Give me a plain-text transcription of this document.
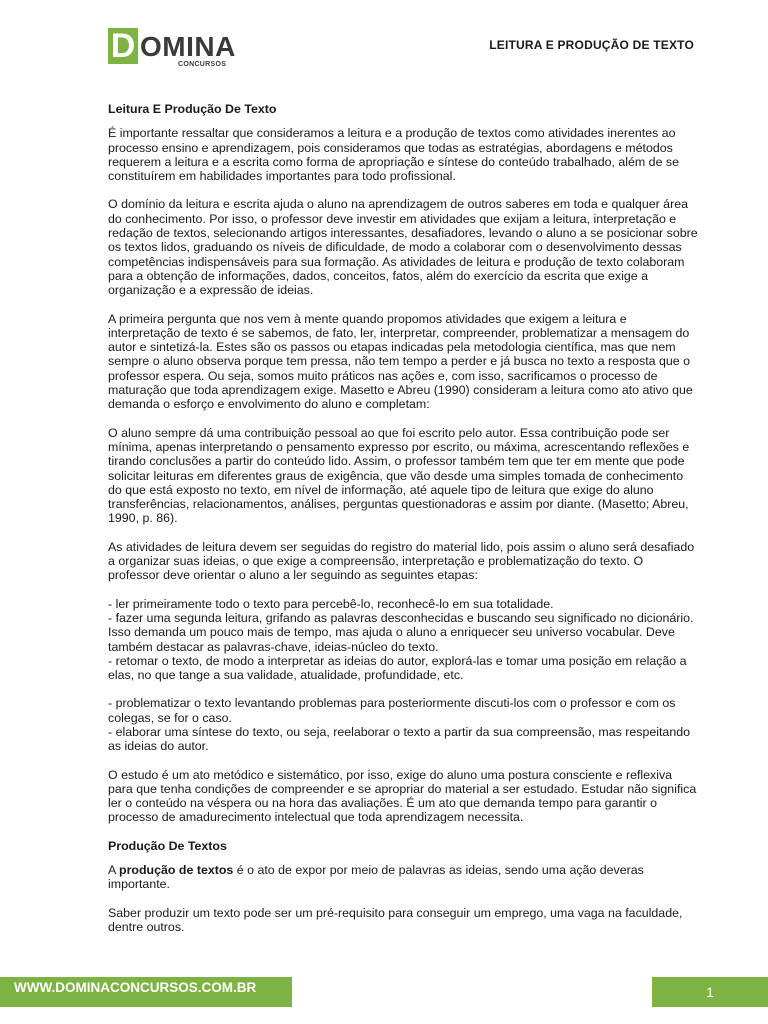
D OMINA
CONCURSOS
LEITURA E PRODUÇÃO DE TEXTO
Leitura E Produção De Texto

É importante ressaltar que consideramos a leitura e a produção de textos como atividades inerentes ao processo ensino e aprendizagem, pois consideramos que todas as estratégias, abordagens e métodos requerem a leitura e a escrita como forma de apropriação e síntese do conteúdo trabalhado, além de se constituírem em habilidades importantes para todo profissional.

O domínio da leitura e escrita ajuda o aluno na aprendizagem de outros saberes em toda e qualquer área do conhecimento. Por isso, o professor deve investir em atividades que exijam a leitura, interpretação e redação de textos, selecionando artigos interessantes, desafiadores, levando o aluno a se posicionar sobre os textos lidos, graduando os níveis de dificuldade, de modo a colaborar com o desenvolvimento dessas competências indispensáveis para sua formação. As atividades de leitura e produção de texto colaboram para a obtenção de informações, dados, conceitos, fatos, além do exercício da escrita que exige a organização e a expressão de ideias.

A primeira pergunta que nos vem à mente quando propomos atividades que exigem a leitura e interpretação de texto é se sabemos, de fato, ler, interpretar, compreender, problematizar a mensagem do autor e sintetizá-la. Estes são os passos ou etapas indicadas pela metodologia científica, mas que nem sempre o aluno observa porque tem pressa, não tem tempo a perder e já busca no texto a resposta que o professor espera. Ou seja, somos muito práticos nas ações e, com isso, sacrificamos o processo de maturação que toda aprendizagem exige. Masetto e Abreu (1990) consideram a leitura como ato ativo que demanda o esforço e envolvimento do aluno e completam:

O aluno sempre dá uma contribuição pessoal ao que foi escrito pelo autor. Essa contribuição pode ser mínima, apenas interpretando o pensamento expresso por escrito, ou máxima, acrescentando reflexões e tirando conclusões a partir do conteúdo lido. Assim, o professor também tem que ter em mente que pode solicitar leituras em diferentes graus de exigência, que vão desde uma simples tomada de conhecimento do que está exposto no texto, em nível de informação, até aquele tipo de leitura que exige do aluno transferências, relacionamentos, análises, perguntas questionadoras e assim por diante. (Masetto; Abreu, 1990, p. 86).

As atividades de leitura devem ser seguidas do registro do material lido, pois assim o aluno será desafiado a organizar suas ideias, o que exige a compreensão, interpretação e problematização do texto. O professor deve orientar o aluno a ler seguindo as seguintes etapas:

- ler primeiramente todo o texto para percebê-lo, reconhecê-lo em sua totalidade.

- fazer uma segunda leitura, grifando as palavras desconhecidas e buscando seu significado no dicionário. Isso demanda um pouco mais de tempo, mas ajuda o aluno a enriquecer seu universo vocabular. Deve também destacar as palavras-chave, ideias-núcleo do texto.

- retomar o texto, de modo a interpretar as ideias do autor, explorá-las e tomar uma posição em relação a elas, no que tange a sua validade, atualidade, profundidade, etc.

- problematizar o texto levantando problemas para posteriormente discuti-los com o professor e com os colegas, se for o caso.

- elaborar uma síntese do texto, ou seja, reelaborar o texto a partir da sua compreensão, mas respeitando as ideias do autor.

O estudo é um ato metódico e sistemático, por isso, exige do aluno uma postura consciente e reflexiva para que tenha condições de compreender e se apropriar do material a ser estudado. Estudar não significa ler o conteúdo na véspera ou na hora das avaliações. É um ato que demanda tempo para garantir o processo de amadurecimento intelectual que toda aprendizagem necessita.

Produção De Textos

A produção de textos é o ato de expor por meio de palavras as ideias, sendo uma ação deveras importante.

Saber produzir um texto pode ser um pré-requisito para conseguir um emprego, uma vaga na faculdade, dentre outros.

WWW.DOMINACONCURSOS.COM.BR	1
